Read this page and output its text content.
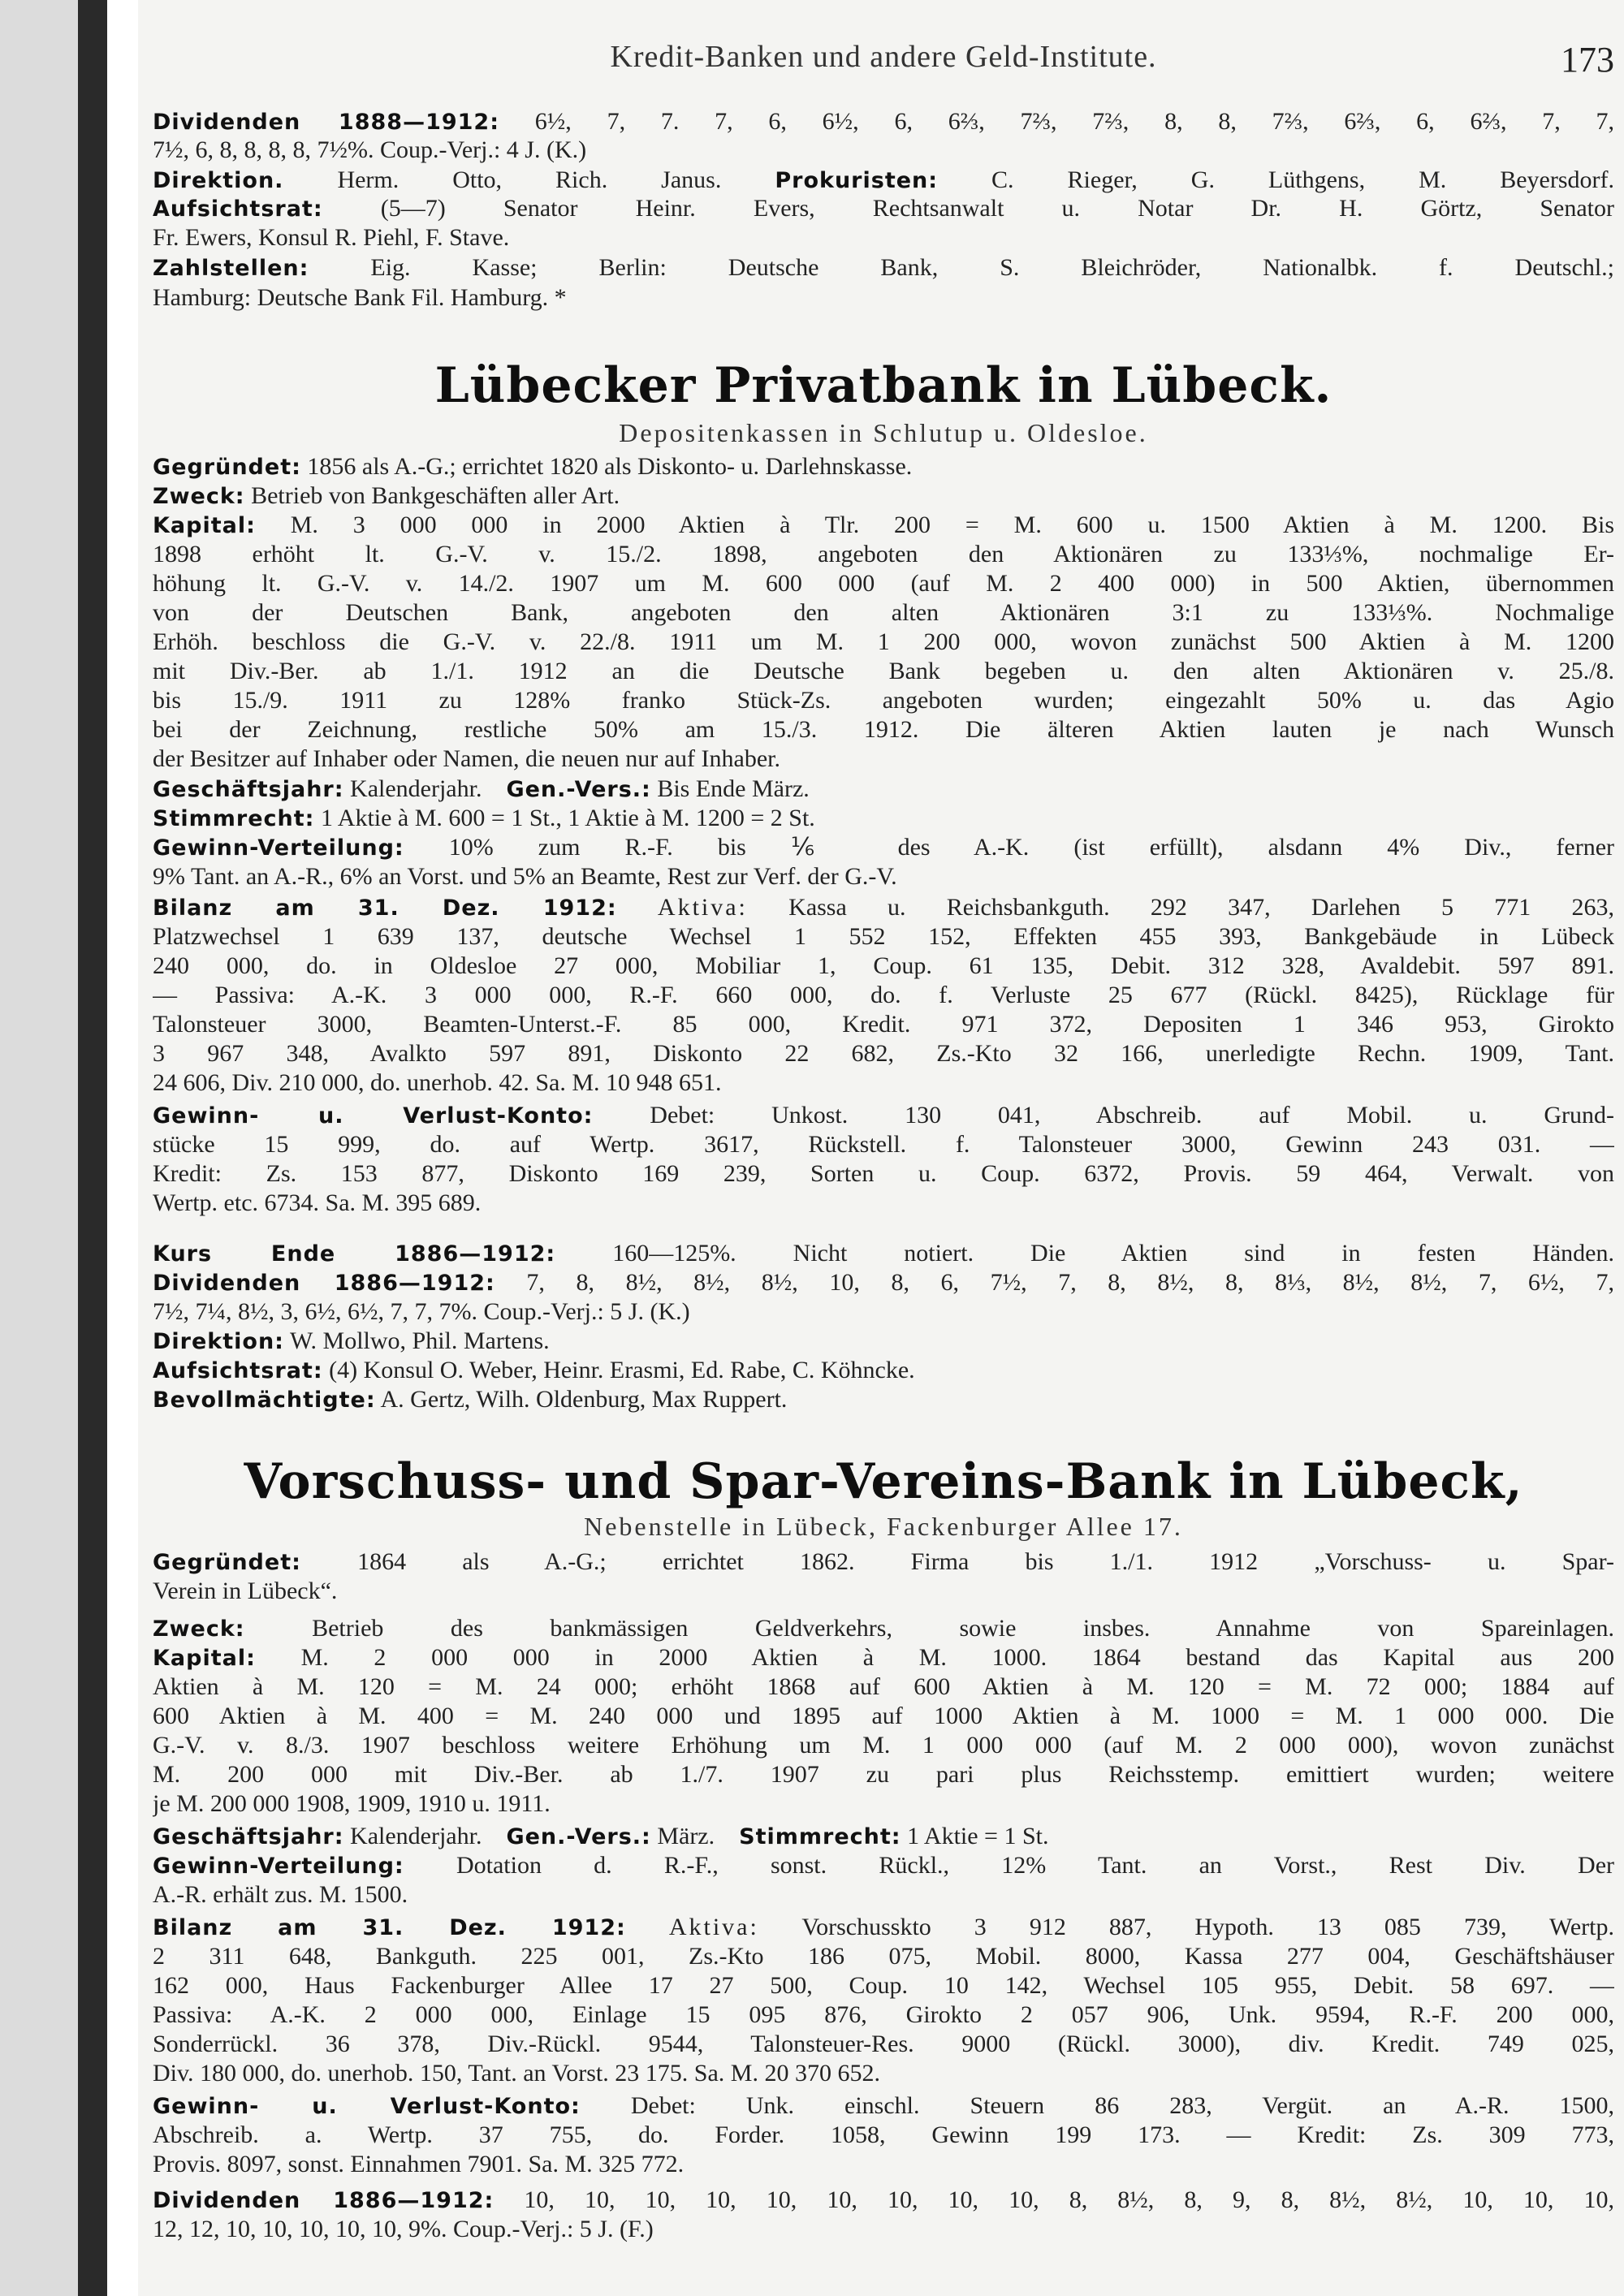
Kredit-Banken und andere Geld-Institute.	173
Dividenden 1888—1912: 6½, 7, 7. 7, 6, 6½, 6, 6⅔, 7⅔, 7⅔, 8, 8, 7⅔, 6⅔, 6, 6⅔, 7, 7,
7½, 6, 8, 8, 8, 8, 7½%. Coup.-Verj.: 4 J. (K.)
Direktion. Herm. Otto, Rich. Janus. Prokuristen: C. Rieger, G. Lüthgens, M. Beyersdorf.
Aufsichtsrat: (5—7) Senator Heinr. Evers, Rechtsanwalt u. Notar Dr. H. Görtz, Senator
Fr. Ewers, Konsul R. Piehl, F. Stave.
Zahlstellen:	Eig. Kasse; Berlin: Deutsche Bank, S. Bleichröder, Nationalbk. f. Deutschl.;
Hamburg: Deutsche Bank Fil. Hamburg. *
Lübecker Privatbank in Lübeck.
Depositenkassen in Schlutup u. Oldesloe.
Gegründet: 1856 als A.-G.; errichtet 1820 als Diskonto- u. Darlehnskasse.
Zweck: Betrieb von Bankgeschäften aller Art.
Kapital: M. 3 000 000 in 2000 Aktien à Tlr. 200 = M. 600 u. 1500 Aktien à M. 1200. Bis
1898 erhöht lt. G.-V. v. 15./2. 1898, angeboten den Aktionären zu 133⅓%, nochmalige Er-
höhung lt. G.-V. v. 14./2. 1907 um M. 600 000 (auf M. 2 400 000) in 500 Aktien, übernommen
von der Deutschen Bank, angeboten den alten Aktionären 3:1 zu 133⅓%. Nochmalige
Erhöh. beschloss die G.-V. v. 22./8. 1911 um M. 1 200 000, wovon zunächst 500 Aktien à M. 1200
mit Div.-Ber. ab 1./1. 1912 an die Deutsche Bank begeben u. den alten Aktionären v. 25./8.
bis 15./9. 1911 zu 128% franko Stück-Zs. angeboten wurden; eingezahlt 50% u. das Agio
bei der Zeichnung, restliche 50% am 15./3. 1912. Die älteren Aktien lauten je nach Wunsch
der Besitzer auf Inhaber oder Namen, die neuen nur auf Inhaber.
Geschäftsjahr: Kalenderjahr. Gen.-Vers.: Bis Ende März.
Stimmrecht: 1 Aktie à M. 600 = 1 St., 1 Aktie à M. 1200 = 2 St.
Gewinn-Verteilung: 10% zum R.-F. bis ⅙ des A.-K. (ist erfüllt), alsdann 4% Div., ferner
9% Tant. an A.-R., 6% an Vorst. und 5% an Beamte, Rest zur Verf. der G.-V.
Bilanz am 31. Dez. 1912: Aktiva: Kassa u. Reichsbankguth. 292 347, Darlehen 5 771 263,
Platzwechsel 1 639 137, deutsche Wechsel 1 552 152, Effekten 455 393, Bankgebäude in Lübeck
240 000, do. in Oldesloe 27 000, Mobiliar 1, Coup. 61 135, Debit. 312 328, Avaldebit. 597 891.
— Passiva: A.-K. 3 000 000, R.-F. 660 000, do. f. Verluste 25 677 (Rückl. 8425), Rücklage für
Talonsteuer 3000, Beamten-Unterst.-F. 85 000, Kredit. 971 372, Depositen 1 346 953, Girokto
3 967 348, Avalkto 597 891, Diskonto 22 682, Zs.-Kto 32 166, unerledigte Rechn. 1909, Tant.
24 606, Div. 210 000, do. unerhob. 42. Sa. M. 10 948 651.
Gewinn- u. Verlust-Konto: Debet: Unkost. 130 041, Abschreib. auf Mobil. u. Grund-
stücke 15 999, do. auf Wertp. 3617, Rückstell. f. Talonsteuer 3000, Gewinn 243 031. —
Kredit: Zs. 153 877, Diskonto 169 239, Sorten u. Coup. 6372, Provis. 59 464, Verwalt. von
Wertp. etc. 6734. Sa. M. 395 689.
Kurs Ende 1886—1912: 160—125%. Nicht notiert. Die Aktien sind in festen Händen.
Dividenden 1886—1912: 7, 8, 8½, 8½, 8½, 10, 8, 6, 7½, 7, 8, 8½, 8, 8⅓, 8½, 8½, 7, 6½, 7,
7½, 7¼, 8½, 3, 6½, 6½, 7, 7, 7%. Coup.-Verj.: 5 J. (K.)
Direktion: W. Mollwo, Phil. Martens.
Aufsichtsrat: (4) Konsul O. Weber, Heinr. Erasmi, Ed. Rabe, C. Köhncke.
Bevollmächtigte: A. Gertz, Wilh. Oldenburg, Max Ruppert.
Vorschuss- und Spar-Vereins-Bank in Lübeck,
Nebenstelle in Lübeck, Fackenburger Allee 17.
Gegründet: 1864 als A.-G.; errichtet 1862. Firma bis 1./1. 1912 „Vorschuss- u. Spar-
Verein in Lübeck“.
Zweck:	Betrieb des bankmässigen Geldverkehrs, sowie insbes. Annahme von Spareinlagen.
Kapital: M. 2 000 000 in 2000 Aktien à M. 1000. 1864 bestand das Kapital aus 200
Aktien à M. 120 = M. 24 000; erhöht 1868 auf 600 Aktien à M. 120 = M. 72 000; 1884 auf
600 Aktien à M. 400 = M. 240 000 und 1895 auf 1000 Aktien à M. 1000 = M. 1 000 000. Die
G.-V. v. 8./3. 1907 beschloss weitere Erhöhung um M. 1 000 000 (auf M. 2 000 000), wovon zunächst
M. 200 000 mit Div.-Ber. ab 1./7. 1907 zu pari plus Reichsstemp. emittiert wurden; weitere
je M. 200 000 1908, 1909, 1910 u. 1911.
Geschäftsjahr: Kalenderjahr. Gen.-Vers.: März. Stimmrecht: 1 Aktie = 1 St.
Gewinn-Verteilung: Dotation d. R.-F., sonst. Rückl., 12% Tant. an Vorst., Rest Div. Der
A.-R. erhält zus. M. 1500.
Bilanz am 31. Dez. 1912: Aktiva: Vorschusskto 3 912 887, Hypoth. 13 085 739, Wertp.
2 311 648, Bankguth. 225 001, Zs.-Kto 186 075, Mobil. 8000, Kassa 277 004, Geschäftshäuser
162 000, Haus Fackenburger Allee 17 27 500, Coup. 10 142, Wechsel 105 955, Debit. 58 697. —
Passiva: A.-K. 2 000 000, Einlage 15 095 876, Girokto 2 057 906, Unk. 9594, R.-F. 200 000,
Sonderrückl. 36 378, Div.-Rückl. 9544, Talonsteuer-Res. 9000 (Rückl. 3000), div. Kredit. 749 025,
Div. 180 000, do. unerhob. 150, Tant. an Vorst. 23 175. Sa. M. 20 370 652.
Gewinn- u. Verlust-Konto: Debet: Unk. einschl. Steuern 86 283, Vergüt. an A.-R. 1500,
Abschreib. a. Wertp. 37 755, do. Forder. 1058, Gewinn 199 173. — Kredit: Zs. 309 773,
Provis. 8097, sonst. Einnahmen 7901. Sa. M. 325 772.
Dividenden 1886—1912: 10, 10, 10, 10, 10, 10, 10, 10, 10, 8, 8½, 8, 9, 8, 8½, 8½, 10, 10, 10,
12, 12, 10, 10, 10, 10, 10, 9%. Coup.-Verj.: 5 J. (F.)
